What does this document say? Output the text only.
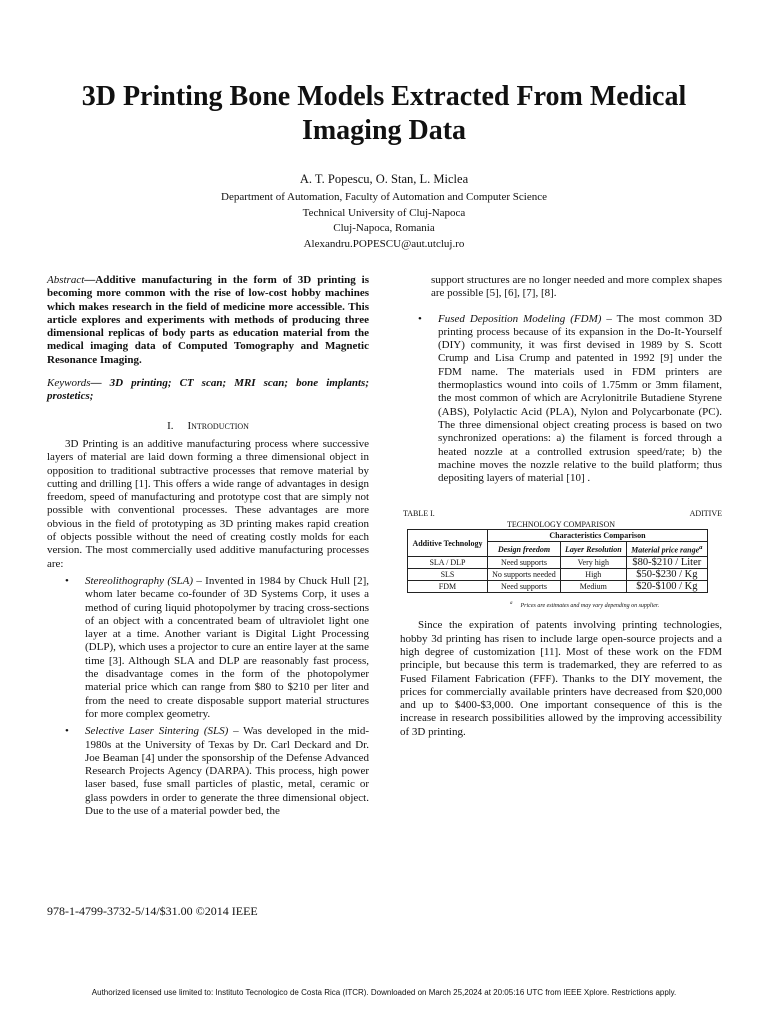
3D Printing Bone Models Extracted From Medical Imaging Data
A. T. Popescu, O. Stan, L. Miclea
Department of Automation, Faculty of Automation and Computer Science
Technical University of Cluj-Napoca
Cluj-Napoca, Romania
Alexandru.POPESCU@aut.utcluj.ro
Abstract—Additive manufacturing in the form of 3D printing is becoming more common with the rise of low-cost hobby machines which makes research in the field of medicine more accessible. This article explores and experiments with methods of producing three dimensional replicas of body parts as education material from the medical imaging data of Computed Tomography and Magnetic Resonance Imaging.
Keywords— 3D printing; CT scan; MRI scan; bone implants; prostetics;
I. Introduction

3D Printing is an additive manufacturing process where successive layers of material are laid down forming a three dimensional object in opposition to traditional subtractive processes that remove material by cutting and drilling [1]. This offers a wide range of advantages in design freedom, speed of manufacturing and prototype cost that are simply not possible with conventional processes. These advantages are more obvious in the field of prototyping as 3D printing makes rapid creation of objects possible without the need of creating costly molds for each version. The most commercially used additive manufacturing processes are:

• Stereolithography (SLA) – Invented in 1984 by Chuck Hull [2], whom later became co-founder of 3D Systems Corp, it uses a method of curing liquid photopolymer by tracing cross-sections of an object with a concentrated beam of ultraviolet light one layer at a time. Another variant is Digital Light Processing (DLP), which uses a projector to cure an entire layer at the same time [3]. Although SLA and DLP are reasonably fast process, the disadvantage comes in the form of the photopolymer material price which can range from $80 to $210 per liter and from the need to create disposable support material structures for more complex geometry.
• Selective Laser Sintering (SLS) – Was developed in the mid-1980s at the University of Texas by Dr. Carl Deckard and Dr. Joe Beaman [4] under the sponsorship of the Defense Advanced Research Projects Agency (DARPA). This process, high power laser based, fuse small particles of plastic, metal, ceramic or glass powders in order to generate the three dimensional object. Due to the use of a material powder bed, the
support structures are no longer needed and more complex shapes are possible [5], [6], [7], [8].
• Fused Deposition Modeling (FDM) – The most common 3D printing process because of its expansion in the Do-It-Yourself (DIY) community, it was first devised in 1989 by S. Scott Crump and Lisa Crump and patented in 1992 [9] under the FDM name. The materials used in FDM printers are thermoplastics wound into coils of 1.75mm or 3mm filament, the most common of which are Acrylonitrile Butadiene Styrene (ABS), Polylactic Acid (PLA), Nylon and Polycarbonate (PC). The three dimensional object creating process is based on two synchronized operations: a) the filament is forced through a heated nozzle at a controlled extrusion speed/rate; b) the machine moves the nozzle relative to the build platform; thus depositing layers of material [10] .
TABLE I.	ADITIVE
TECHNOLOGY COMPARISON
Additive Technology	Characteristics Comparison		
	Design freedom	Layer Resolution	Material price range$^a$
SLA / DLP	Need supports	Very high	$80-$210 / Liter
SLS	No supports needed	High	$50-$230 / Kg
FDM	Need supports	Medium	$20-$100 / Kg
$^a$ Prices are estimates and may vary depending on supplier.

Since the expiration of patents involving printing technologies, hobby 3d printing has risen to include large open-source projects and a high degree of customization [11]. Most of these work on the FDM principle, but because this term is trademarked, they are referred to as Fused Filament Fabrication (FFF). Thanks to the DIY movement, the prices for commercially available printers have decreased from $20,000 and up to $400-$3,000. One important consequence of this is the increase in research possibilities allowed by the improving accessibility of 3D printing.

978-1-4799-3732-5/14/$31.00 ©2014 IEEE
Authorized licensed use limited to: Instituto Tecnologico de Costa Rica (ITCR). Downloaded on March 25,2024 at 20:05:16 UTC from IEEE Xplore. Restrictions apply.
